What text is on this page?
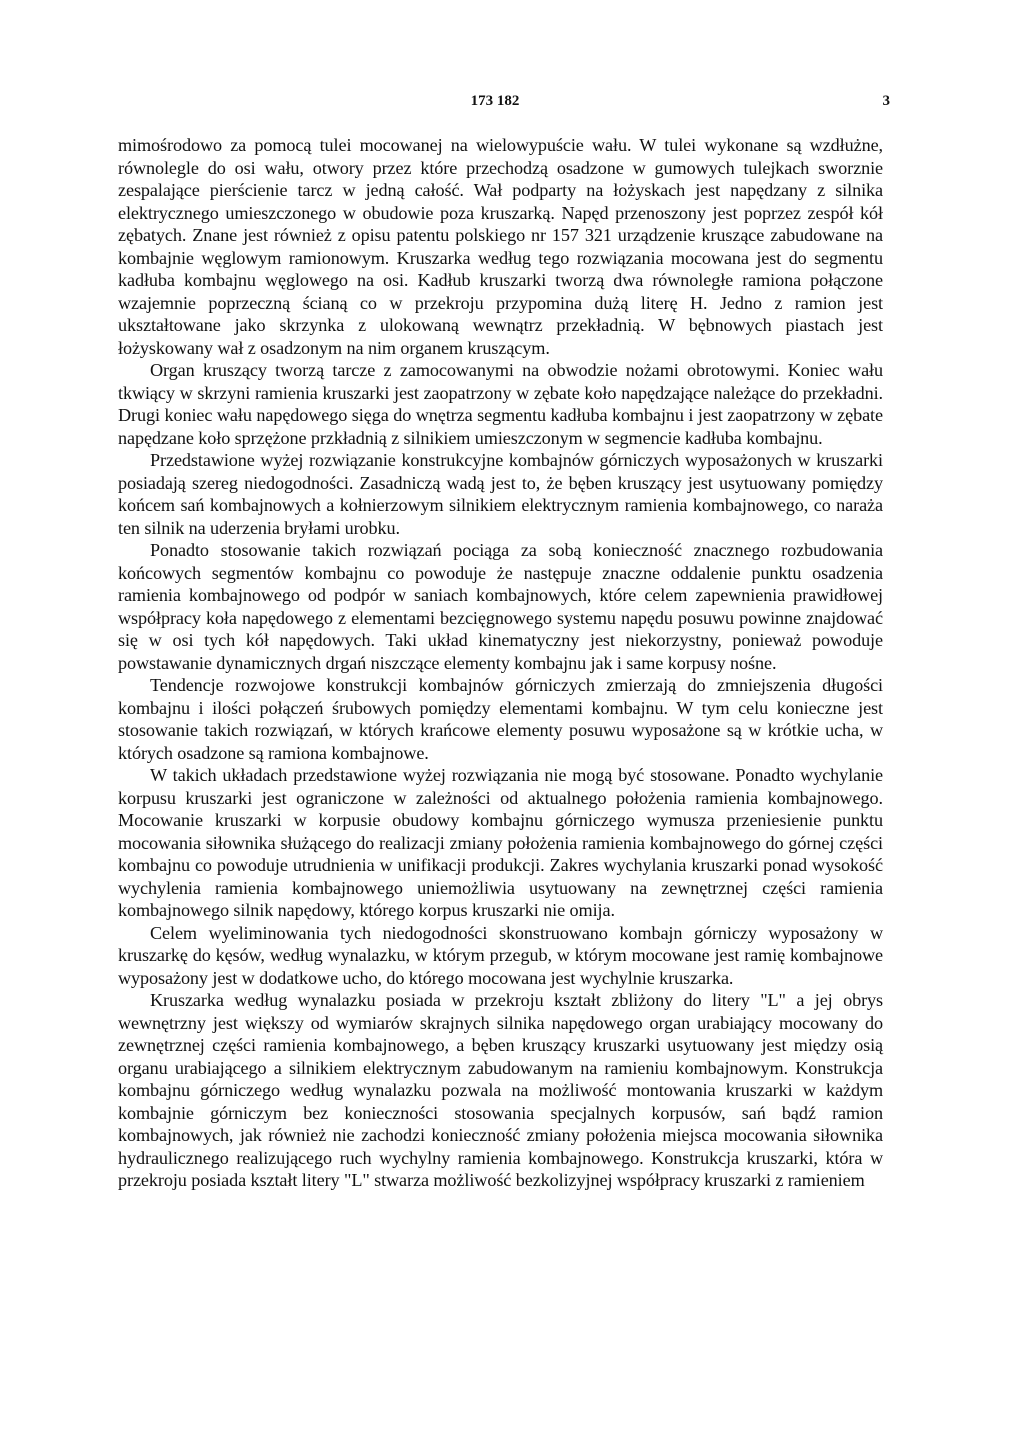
173 182	3

mimośrodowo za pomocą tulei mocowanej na wielowypuście wału. W tulei wykonane są wzdłużne, równolegle do osi wału, otwory przez które przechodzą osadzone w gumowych tulejkach sworznie zespalające pierścienie tarcz w jedną całość. Wał podparty na łożyskach jest napędzany z silnika elektrycznego umieszczonego w obudowie poza kruszarką. Napęd przenoszony jest poprzez zespół kół zębatych. Znane jest również z opisu patentu polskiego nr 157 321 urządzenie kruszące zabudowane na kombajnie węglowym ramionowym. Kruszarka według tego rozwiązania mocowana jest do segmentu kadłuba kombajnu węglowego na osi. Kadłub kruszarki tworzą dwa równoległe ramiona połączone wzajemnie poprzeczną ścianą co w przekroju przypomina dużą literę H. Jedno z ramion jest ukształtowane jako skrzynka z ulokowaną wewnątrz przekładnią. W bębnowych piastach jest łożyskowany wał z osadzonym na nim organem kruszącym.

Organ kruszący tworzą tarcze z zamocowanymi na obwodzie nożami obrotowymi. Koniec wału tkwiący w skrzyni ramienia kruszarki jest zaopatrzony w zębate koło napędzające należące do przekładni. Drugi koniec wału napędowego sięga do wnętrza segmentu kadłuba kombajnu i jest zaopatrzony w zębate napędzane koło sprzężone przkładnią z silnikiem umieszczonym w segmencie kadłuba kombajnu.

Przedstawione wyżej rozwiązanie konstrukcyjne kombajnów górniczych wyposażonych w kruszarki posiadają szereg niedogodności. Zasadniczą wadą jest to, że bęben kruszący jest usytuowany pomiędzy końcem sań kombajnowych a kołnierzowym silnikiem elektrycznym ramienia kombajnowego, co naraża ten silnik na uderzenia bryłami urobku.

Ponadto stosowanie takich rozwiązań pociąga za sobą konieczność znacznego rozbudowania końcowych segmentów kombajnu co powoduje że następuje znaczne oddalenie punktu osadzenia ramienia kombajnowego od podpór w saniach kombajnowych, które celem zapewnienia prawidłowej współpracy koła napędowego z elementami bezcięgnowego systemu napędu posuwu powinne znajdować się w osi tych kół napędowych. Taki układ kinematyczny jest niekorzystny, ponieważ powoduje powstawanie dynamicznych drgań niszczące elementy kombajnu jak i same korpusy nośne.

Tendencje rozwojowe konstrukcji kombajnów górniczych zmierzają do zmniejszenia długości kombajnu i ilości połączeń śrubowych pomiędzy elementami kombajnu. W tym celu konieczne jest stosowanie takich rozwiązań, w których krańcowe elementy posuwu wyposażone są w krótkie ucha, w których osadzone są ramiona kombajnowe.

W takich układach przedstawione wyżej rozwiązania nie mogą być stosowane. Ponadto wychylanie korpusu kruszarki jest ograniczone w zależności od aktualnego położenia ramienia kombajnowego. Mocowanie kruszarki w korpusie obudowy kombajnu górniczego wymusza przeniesienie punktu mocowania siłownika służącego do realizacji zmiany położenia ramienia kombajnowego do górnej części kombajnu co powoduje utrudnienia w unifikacji produkcji. Zakres wychylania kruszarki ponad wysokość wychylenia ramienia kombajnowego uniemożliwia usytuowany na zewnętrznej części ramienia kombajnowego silnik napędowy, którego korpus kruszarki nie omija.

Celem wyeliminowania tych niedogodności skonstruowano kombajn górniczy wyposażony w kruszarkę do kęsów, według wynalazku, w którym przegub, w którym mocowane jest ramię kombajnowe wyposażony jest w dodatkowe ucho, do którego mocowana jest wychylnie kruszarka.

Kruszarka według wynalazku posiada w przekroju kształt zbliżony do litery "L" a jej obrys wewnętrzny jest większy od wymiarów skrajnych silnika napędowego organ urabiający mocowany do zewnętrznej części ramienia kombajnowego, a bęben kruszący kruszarki usytuowany jest między osią organu urabiającego a silnikiem elektrycznym zabudowanym na ramieniu kombajnowym. Konstrukcja kombajnu górniczego według wynalazku pozwala na możliwość montowania kruszarki w każdym kombajnie górniczym bez konieczności stosowania specjalnych korpusów, sań bądź ramion kombajnowych, jak również nie zachodzi konieczność zmiany położenia miejsca mocowania siłownika hydraulicznego realizującego ruch wychylny ramienia kombajnowego. Konstrukcja kruszarki, która w przekroju posiada kształt litery "L" stwarza możliwość bezkolizyjnej współpracy kruszarki z ramieniem
